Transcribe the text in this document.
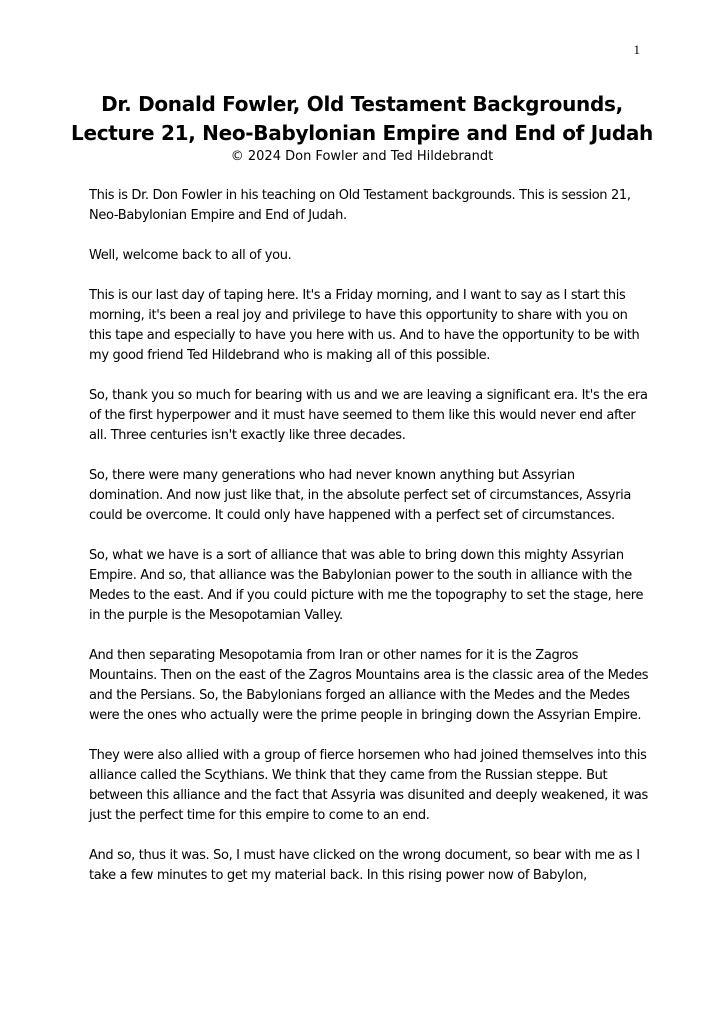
1
Dr. Donald Fowler, Old Testament Backgrounds,
Lecture 21, Neo-Babylonian Empire and End of Judah
© 2024 Don Fowler and Ted Hildebrandt

This is Dr. Don Fowler in his teaching on Old Testament backgrounds. This is session 21, Neo-Babylonian Empire and End of Judah.

Well, welcome back to all of you.

This is our last day of taping here. It's a Friday morning, and I want to say as I start this morning, it's been a real joy and privilege to have this opportunity to share with you on this tape and especially to have you here with us. And to have the opportunity to be with my good friend Ted Hildebrand who is making all of this possible.

So, thank you so much for bearing with us and we are leaving a significant era. It's the era of the first hyperpower and it must have seemed to them like this would never end after all. Three centuries isn't exactly like three decades.

So, there were many generations who had never known anything but Assyrian domination. And now just like that, in the absolute perfect set of circumstances, Assyria could be overcome. It could only have happened with a perfect set of circumstances.

So, what we have is a sort of alliance that was able to bring down this mighty Assyrian Empire. And so, that alliance was the Babylonian power to the south in alliance with the Medes to the east. And if you could picture with me the topography to set the stage, here in the purple is the Mesopotamian Valley.

And then separating Mesopotamia from Iran or other names for it is the Zagros Mountains. Then on the east of the Zagros Mountains area is the classic area of the Medes and the Persians. So, the Babylonians forged an alliance with the Medes and the Medes were the ones who actually were the prime people in bringing down the Assyrian Empire.

They were also allied with a group of fierce horsemen who had joined themselves into this alliance called the Scythians. We think that they came from the Russian steppe. But between this alliance and the fact that Assyria was disunited and deeply weakened, it was just the perfect time for this empire to come to an end.

And so, thus it was. So, I must have clicked on the wrong document, so bear with me as I take a few minutes to get my material back. In this rising power now of Babylon,
